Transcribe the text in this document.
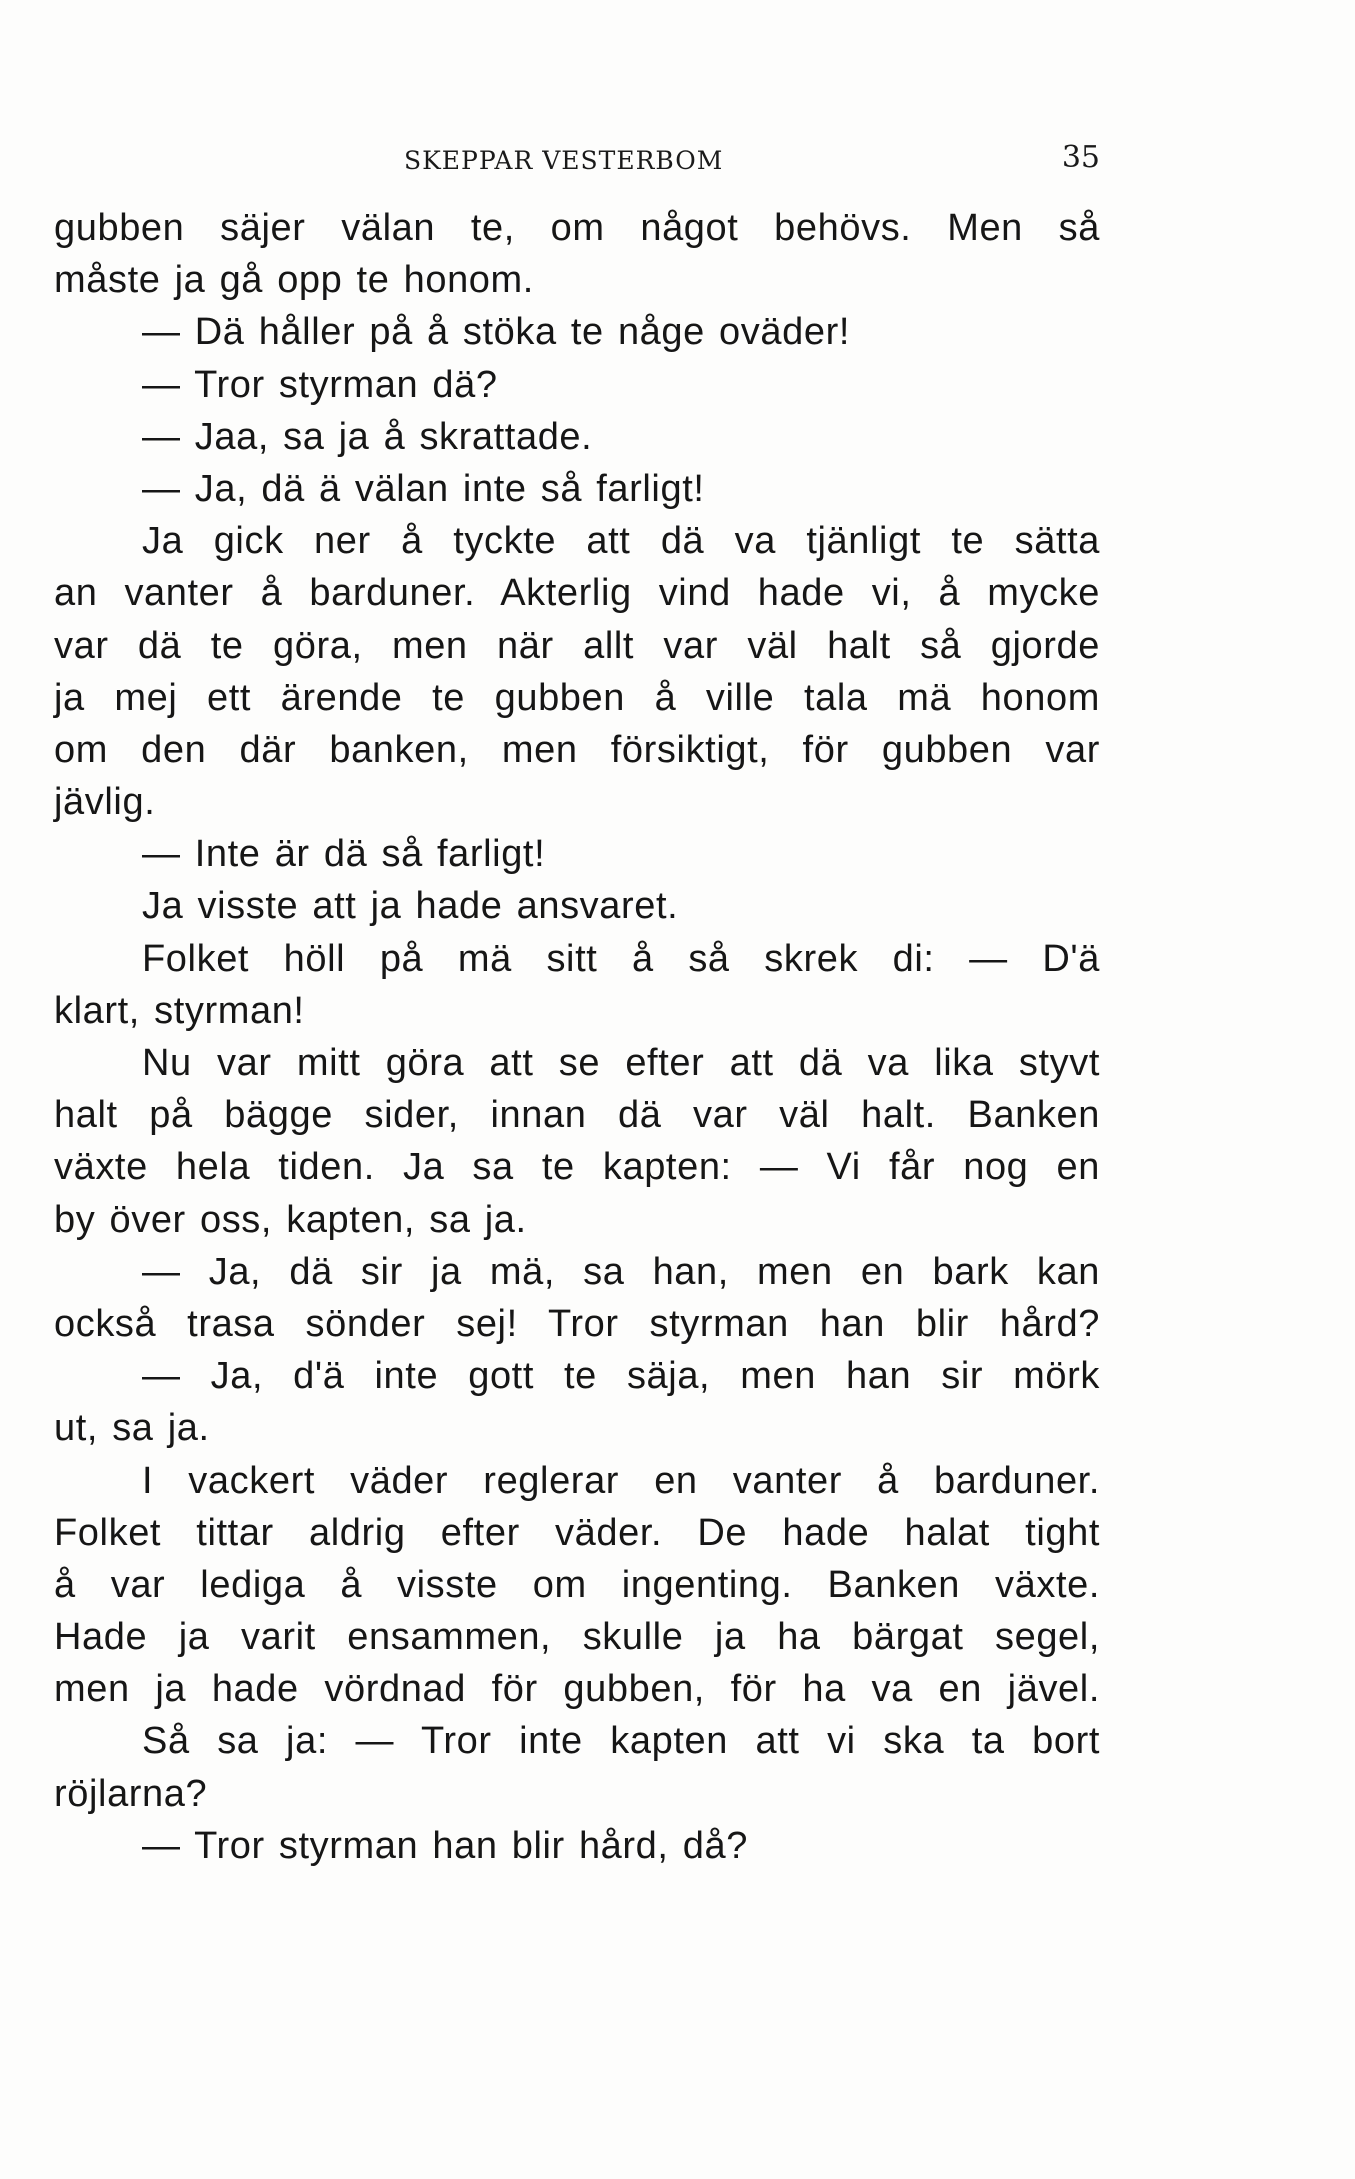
SKEPPAR VESTERBOM	35
gubben säjer välan te, om något behövs. Men så
måste ja gå opp te honom.
— Dä håller på å stöka te någe oväder!
— Tror styrman dä?
— Jaa, sa ja å skrattade.
— Ja, dä ä välan inte så farligt!
Ja gick ner å tyckte att dä va tjänligt te sätta
an vanter å barduner. Akterlig vind hade vi, å mycke
var dä te göra, men när allt var väl halt så gjorde
ja mej ett ärende te gubben å ville tala mä honom
om den där banken, men försiktigt, för gubben var
jävlig.
— Inte är dä så farligt!
Ja visste att ja hade ansvaret.
Folket höll på mä sitt å så skrek di: — D'ä
klart, styrman!
Nu var mitt göra att se efter att dä va lika styvt
halt på bägge sider, innan dä var väl halt. Banken
växte hela tiden. Ja sa te kapten: — Vi får nog en
by över oss, kapten, sa ja.
— Ja, dä sir ja mä, sa han, men en bark kan
också trasa sönder sej! Tror styrman han blir hård?
— Ja, d'ä inte gott te säja, men han sir mörk
ut, sa ja.
I vackert väder reglerar en vanter å barduner.
Folket tittar aldrig efter väder. De hade halat tight
å var lediga å visste om ingenting. Banken växte.
Hade ja varit ensammen, skulle ja ha bärgat segel,
men ja hade vördnad för gubben, för ha va en jävel.
Så sa ja: — Tror inte kapten att vi ska ta bort
röjlarna?
— Tror styrman han blir hård, då?
